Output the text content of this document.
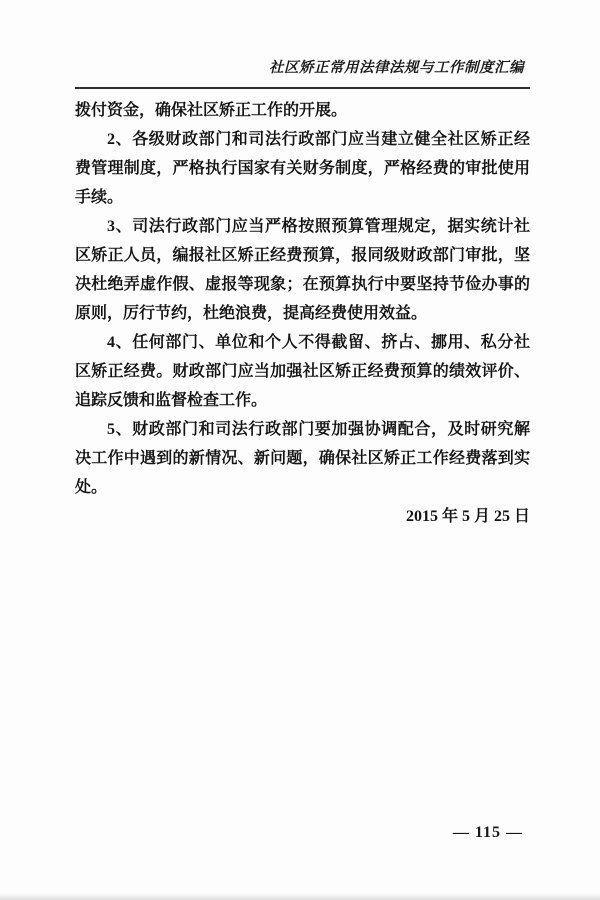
社区矫正常用法律法规与工作制度汇编

拨付资金，确保社区矫正工作的开展。

2、各级财政部门和司法行政部门应当建立健全社区矫正经费管理制度，严格执行国家有关财务制度，严格经费的审批使用手续。

3、司法行政部门应当严格按照预算管理规定，据实统计社区矫正人员，编报社区矫正经费预算，报同级财政部门审批，坚决杜绝弄虚作假、虚报等现象；在预算执行中要坚持节俭办事的原则，厉行节约，杜绝浪费，提高经费使用效益。

4、任何部门、单位和个人不得截留、挤占、挪用、私分社区矫正经费。财政部门应当加强社区矫正经费预算的绩效评价、追踪反馈和监督检查工作。

5、财政部门和司法行政部门要加强协调配合，及时研究解决工作中遇到的新情况、新问题，确保社区矫正工作经费落到实处。

2015 年 5 月 25 日

— 115 —
